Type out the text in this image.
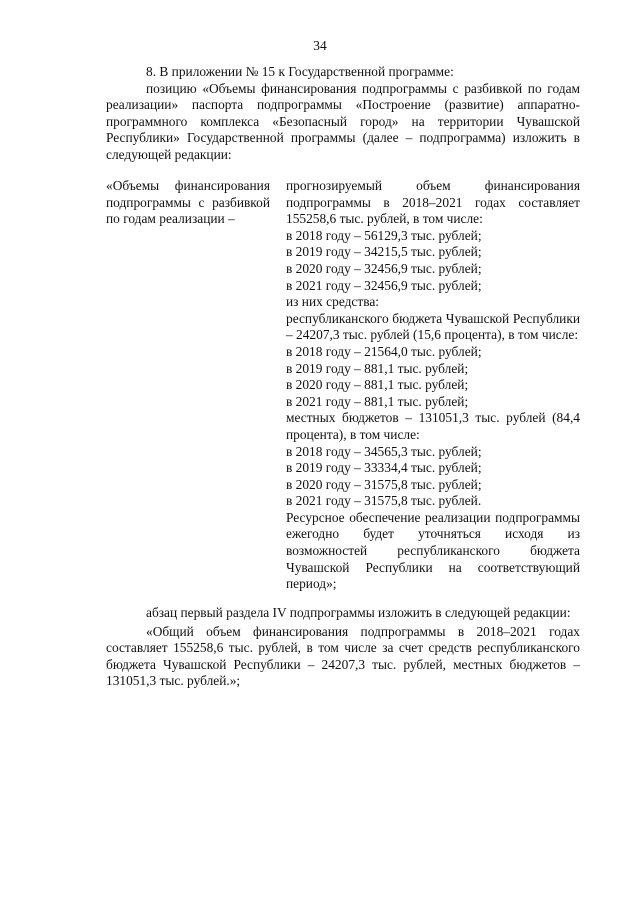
34

8. В приложении № 15 к Государственной программе:

позицию «Объемы финансирования подпрограммы с разбивкой по годам реализации» паспорта подпрограммы «Построение (развитие) аппаратно-программного комплекса «Безопасный город» на территории Чувашской Республики» Государственной программы (далее – подпрограмма) изложить в следующей редакции:

«Объемы финансирования подпрограммы с разбивкой по годам реализации –
прогнозируемый объем финансирования подпрограммы в 2018–2021 годах составляет 155258,6 тыс. рублей, в том числе:
в 2018 году – 56129,3 тыс. рублей;
в 2019 году – 34215,5 тыс. рублей;
в 2020 году – 32456,9 тыс. рублей;
в 2021 году – 32456,9 тыс. рублей;
из них средства:
республиканского бюджета Чувашской Республики – 24207,3 тыс. рублей (15,6 процента), в том числе:
в 2018 году – 21564,0 тыс. рублей;
в 2019 году – 881,1 тыс. рублей;
в 2020 году – 881,1 тыс. рублей;
в 2021 году – 881,1 тыс. рублей;
местных бюджетов – 131051,3 тыс. рублей (84,4 процента), в том числе:
в 2018 году – 34565,3 тыс. рублей;
в 2019 году – 33334,4 тыс. рублей;
в 2020 году – 31575,8 тыс. рублей;
в 2021 году – 31575,8 тыс. рублей.
Ресурсное обеспечение реализации подпрограммы ежегодно будет уточняться исходя из возможностей республиканского бюджета Чувашской Республики на соответствующий период»;

абзац первый раздела IV подпрограммы изложить в следующей редакции:

«Общий объем финансирования подпрограммы в 2018–2021 годах составляет 155258,6 тыс. рублей, в том числе за счет средств республиканского бюджета Чувашской Республики – 24207,3 тыс. рублей, местных бюджетов – 131051,3 тыс. рублей.»;
